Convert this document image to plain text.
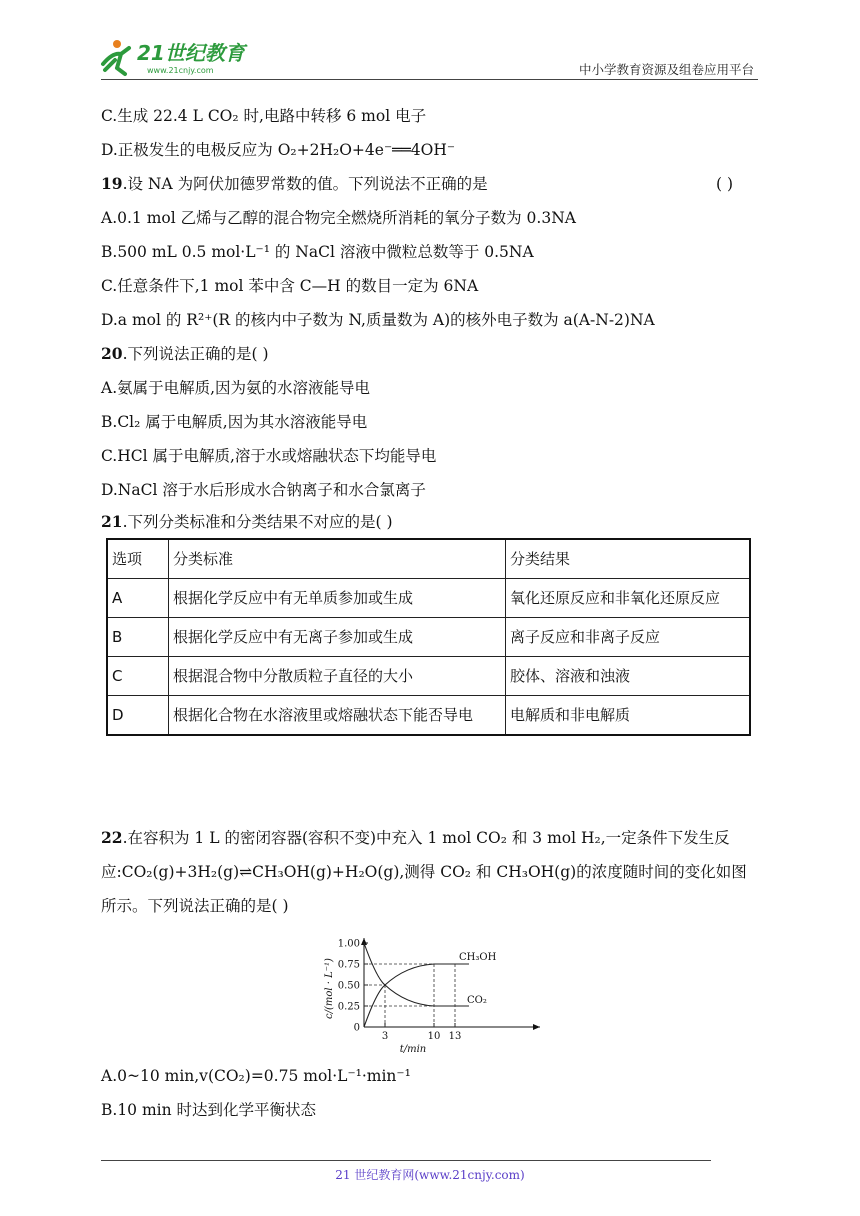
21世纪教育
www.21cnjy.com	中小学教育资源及组卷应用平台
C.生成 22.4 L CO₂ 时,电路中转移 6 mol 电子
D.正极发生的电极反应为 O₂+2H₂O+4e⁻══4OH⁻
19.设 NA 为阿伏加德罗常数的值。下列说法不正确的是	( )
A.0.1 mol 乙烯与乙醇的混合物完全燃烧所消耗的氧分子数为 0.3NA
B.500 mL 0.5 mol·L⁻¹ 的 NaCl 溶液中微粒总数等于 0.5NA
C.任意条件下,1 mol 苯中含 C—H 的数目一定为 6NA
D.a mol 的 R²⁺(R 的核内中子数为 N,质量数为 A)的核外电子数为 a(A-N-2)NA
20.下列说法正确的是( )
A.氨属于电解质,因为氨的水溶液能导电
B.Cl₂ 属于电解质,因为其水溶液能导电
C.HCl 属于电解质,溶于水或熔融状态下均能导电
D.NaCl 溶于水后形成水合钠离子和水合氯离子
21.下列分类标准和分类结果不对应的是( )
选项	分类标准	分类结果
A	根据化学反应中有无单质参加或生成	氧化还原反应和非氧化还原反应
B	根据化学反应中有无离子参加或生成	离子反应和非离子反应
C	根据混合物中分散质粒子直径的大小	胶体、溶液和浊液
D	根据化合物在水溶液里或熔融状态下能否导电	电解质和非电解质
22.在容积为 1 L 的密闭容器(容积不变)中充入 1 mol CO₂ 和 3 mol H₂,一定条件下发生反
应:CO₂(g)+3H₂(g)⇌CH₃OH(g)+H₂O(g),测得 CO₂ 和 CH₃OH(g)的浓度随时间的变化如图
所示。下列说法正确的是( )
1.00
0.75
0.50
0.25
0
3	10 13
CH₃OH
CO₂
c/(mol · L⁻¹)
t/min
A.0~10 min,v(CO₂)=0.75 mol·L⁻¹·min⁻¹
B.10 min 时达到化学平衡状态
21 世纪教育网(www.21cnjy.com)
